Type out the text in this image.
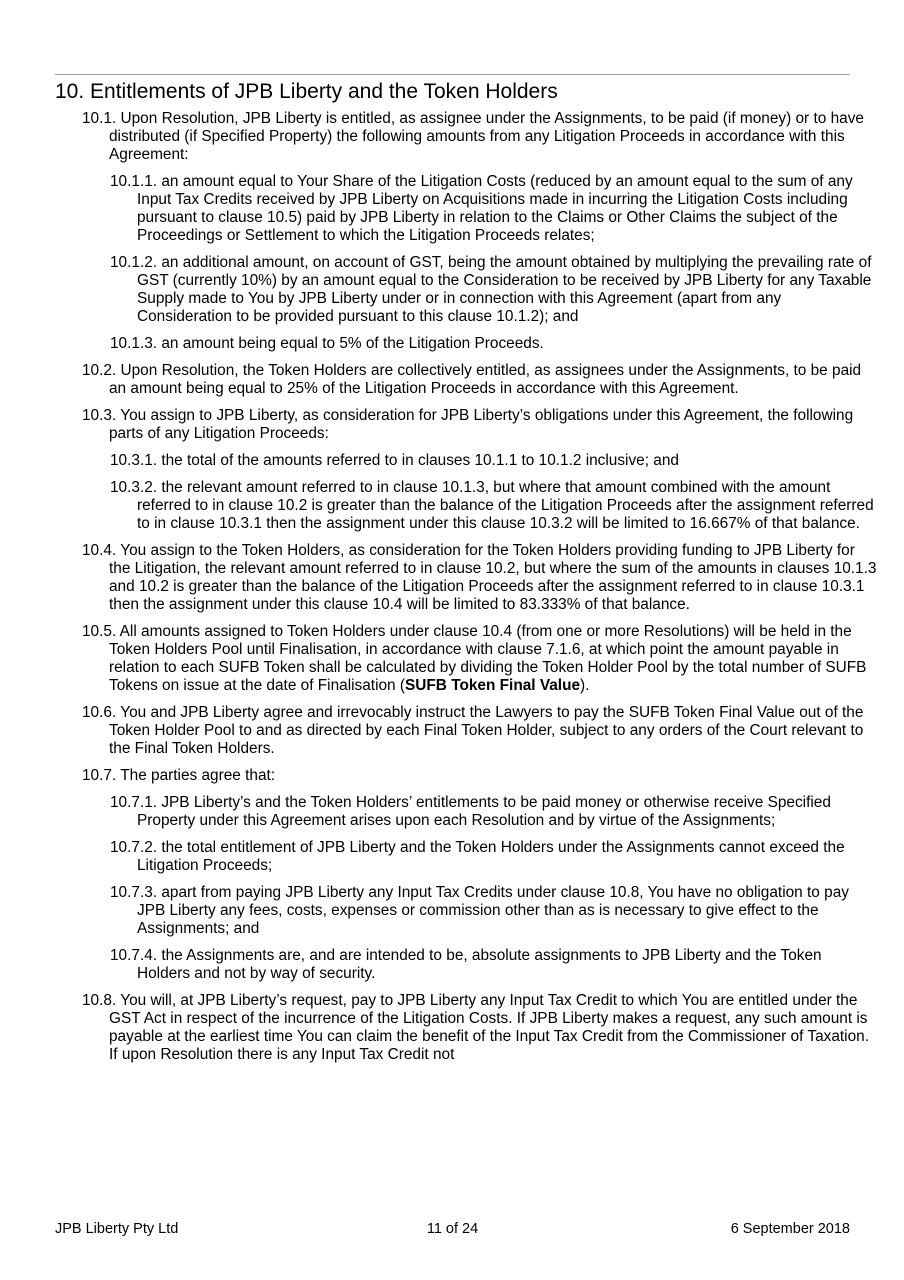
10. Entitlements of JPB Liberty and the Token Holders

10.1. Upon Resolution, JPB Liberty is entitled, as assignee under the Assignments, to be paid (if money) or to have distributed (if Specified Property) the following amounts from any Litigation Proceeds in accordance with this Agreement:

10.1.1. an amount equal to Your Share of the Litigation Costs (reduced by an amount equal to the sum of any Input Tax Credits received by JPB Liberty on Acquisitions made in incurring the Litigation Costs including pursuant to clause 10.5) paid by JPB Liberty in relation to the Claims or Other Claims the subject of the Proceedings or Settlement to which the Litigation Proceeds relates;

10.1.2. an additional amount, on account of GST, being the amount obtained by multiplying the prevailing rate of GST (currently 10%) by an amount equal to the Consideration to be received by JPB Liberty for any Taxable Supply made to You by JPB Liberty under or in connection with this Agreement (apart from any Consideration to be provided pursuant to this clause 10.1.2); and

10.1.3. an amount being equal to 5% of the Litigation Proceeds.

10.2. Upon Resolution, the Token Holders are collectively entitled, as assignees under the Assignments, to be paid an amount being equal to 25% of the Litigation Proceeds in accordance with this Agreement.

10.3. You assign to JPB Liberty, as consideration for JPB Liberty’s obligations under this Agreement, the following parts of any Litigation Proceeds:

10.3.1. the total of the amounts referred to in clauses 10.1.1 to 10.1.2 inclusive; and

10.3.2. the relevant amount referred to in clause 10.1.3, but where that amount combined with the amount referred to in clause 10.2 is greater than the balance of the Litigation Proceeds after the assignment referred to in clause 10.3.1 then the assignment under this clause 10.3.2 will be limited to 16.667% of that balance.

10.4. You assign to the Token Holders, as consideration for the Token Holders providing funding to JPB Liberty for the Litigation, the relevant amount referred to in clause 10.2, but where the sum of the amounts in clauses 10.1.3 and 10.2 is greater than the balance of the Litigation Proceeds after the assignment referred to in clause 10.3.1 then the assignment under this clause 10.4 will be limited to 83.333% of that balance.

10.5. All amounts assigned to Token Holders under clause 10.4 (from one or more Resolutions) will be held in the Token Holders Pool until Finalisation, in accordance with clause 7.1.6, at which point the amount payable in relation to each SUFB Token shall be calculated by dividing the Token Holder Pool by the total number of SUFB Tokens on issue at the date of Finalisation (SUFB Token Final Value).

10.6. You and JPB Liberty agree and irrevocably instruct the Lawyers to pay the SUFB Token Final Value out of the Token Holder Pool to and as directed by each Final Token Holder, subject to any orders of the Court relevant to the Final Token Holders.

10.7. The parties agree that:

10.7.1. JPB Liberty’s and the Token Holders’ entitlements to be paid money or otherwise receive Specified Property under this Agreement arises upon each Resolution and by virtue of the Assignments;

10.7.2. the total entitlement of JPB Liberty and the Token Holders under the Assignments cannot exceed the Litigation Proceeds;

10.7.3. apart from paying JPB Liberty any Input Tax Credits under clause 10.8, You have no obligation to pay JPB Liberty any fees, costs, expenses or commission other than as is necessary to give effect to the Assignments; and

10.7.4. the Assignments are, and are intended to be, absolute assignments to JPB Liberty and the Token Holders and not by way of security.

10.8. You will, at JPB Liberty’s request, pay to JPB Liberty any Input Tax Credit to which You are entitled under the GST Act in respect of the incurrence of the Litigation Costs. If JPB Liberty makes a request, any such amount is payable at the earliest time You can claim the benefit of the Input Tax Credit from the Commissioner of Taxation. If upon Resolution there is any Input Tax Credit not

11 of 24
JPB Liberty Pty Ltd	6 September 2018
